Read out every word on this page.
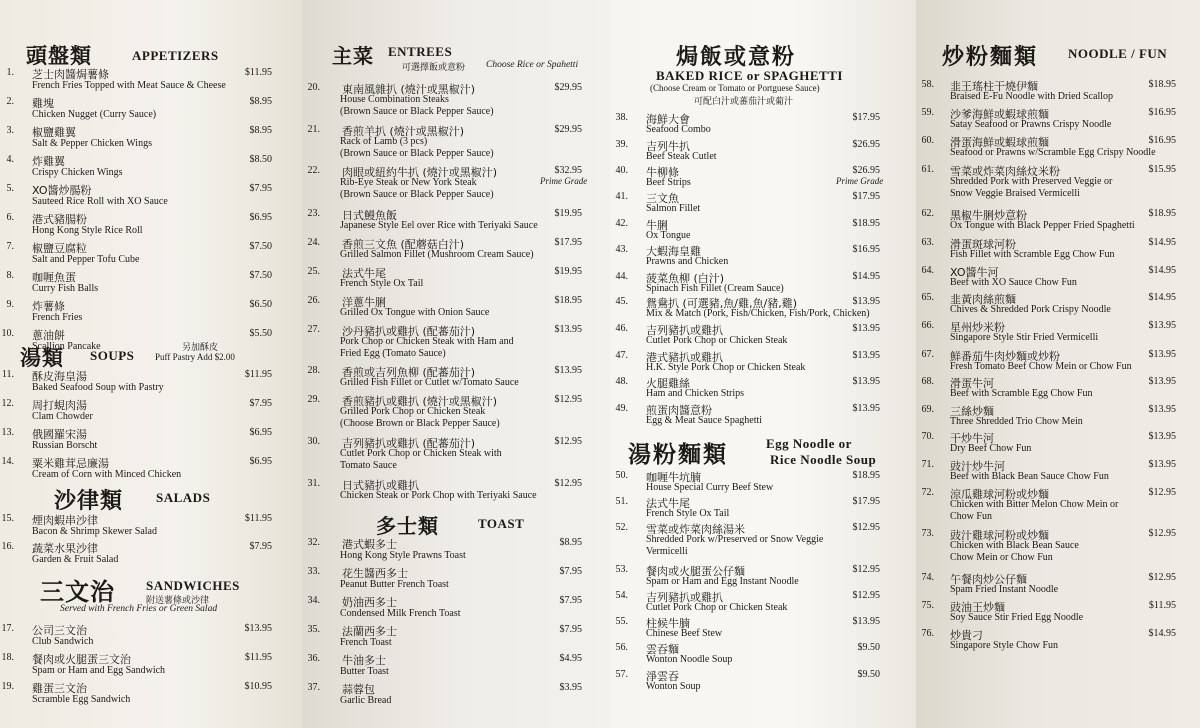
頭盤類	APPETIZERS
1. 芝士肉醬焗薯條	$11.95
French Fries Topped with Meat Sauce & Cheese
2. 雞塊	$8.95
Chicken Nugget (Curry Sauce)
3. 椒鹽雞翼	$8.95
Salt & Pepper Chicken Wings
4. 炸雞翼	$8.50
Crispy Chicken Wings
5. XO醬炒腸粉	$7.95
Sauteed Rice Roll with XO Sauce
6. 港式豬腸粉	$6.95
Hong Kong Style Rice Roll
7. 椒鹽豆腐粒	$7.50
Salt and Pepper Tofu Cube
8. 咖喱魚蛋	$7.50
Curry Fish Balls
9. 炸薯條	$6.50
French Fries
10. 蔥油餅	$5.50
Scallion Pancake
湯類 SOUPS	另加酥皮
Puff Pastry Add $2.00
11. 酥皮海皇湯	$11.95
Baked Seafood Soup with Pastry
12. 周打蜆肉湯	$7.95
Clam Chowder
13. 俄國羅宋湯	$6.95
Russian Borscht
14. 粟米雞茸忌廉湯	$6.95
Cream of Corn with Minced Chicken
沙律類	SALADS
15. 煙肉蝦串沙律	$11.95
Bacon & Shrimp Skewer Salad
16. 蔬菜水果沙律	$7.95
Garden & Fruit Salad
三文治 SANDWICHES
附送薯條或沙律
Served with French Fries or Green Salad
17. 公司三文治	$13.95
Club Sandwich
18. 餐肉或火腿蛋三文治	$11.95
Spam or Ham and Egg Sandwich
19. 雞蛋三文治	$10.95
Scramble Egg Sandwich
主菜 ENTREES
可選擇飯或意粉 Choose Rice or Spahetti
20. 東南風雜扒 (燒汁或黑椒汁)	$29.95
House Combination Steaks
(Brown Sauce or Black Pepper Sauce)
21. 香煎羊扒 (燒汁或黑椒汁)	$29.95
Rack of Lamb (3 pcs)
(Brown Sauce or Black Pepper Sauce)
22. 肉眼或紐約牛扒 (燒汁或黑椒汁)	$32.95
Prime Grade
Rib-Eye Steak or New York Steak
(Brown Sauce or Black Pepper Sauce)
23. 日式鰻魚飯	$19.95
Japanese Style Eel over Rice with Teriyaki Sauce
24. 香煎三文魚 (配蘑菇白汁)	$17.95
Grilled Salmon Fillet (Mushroom Cream Sauce)
25. 法式牛尾	$19.95
French Style Ox Tail
26. 洋蔥牛脷	$18.95
Grilled Ox Tongue with Onion Sauce
27. 沙丹豬扒或雞扒 (配蕃茄汁)	$13.95
Pork Chop or Chicken Steak with Ham and
Fried Egg (Tomato Sauce)
28. 香煎或吉列魚柳 (配蕃茄汁)	$13.95
Grilled Fish Fillet or Cutlet w/Tomato Sauce
29. 香煎豬扒或雞扒 (燒汁或黑椒汁)	$12.95
Grilled Pork Chop or Chicken Steak
(Choose Brown or Black Pepper Sauce)
30. 吉列豬扒或雞扒 (配蕃茄汁)	$12.95
Cutlet Pork Chop or Chicken Steak with
Tomato Sauce
31. 日式豬扒或雞扒	$12.95
Chicken Steak or Pork Chop with Teriyaki Sauce
多士類	TOAST
32. 港式蝦多士	$8.95
Hong Kong Style Prawns Toast
33. 花生醬西多士	$7.95
Peanut Butter French Toast
34. 奶油西多士	$7.95
Condensed Milk French Toast
35. 法蘭西多士	$7.95
French Toast
36. 牛油多士	$4.95
Butter Toast
37. 蒜蓉包	$3.95
Garlic Bread
焗飯或意粉
BAKED RICE or SPAGHETTI
(Choose Cream or Tomato or Portguese Sauce)
可配白汁或蕃茄汁或葡汁
38. 海鮮大會	$17.95
Seafood Combo
39. 吉列牛扒	$26.95
Beef Steak Cutlet
40. 牛柳條	$26.95
Prime Grade
Beef Strips
41. 三文魚	$17.95
Salmon Fillet
42. 牛脷	$18.95
Ox Tongue
43. 大蝦海皇雞	$16.95
Prawns and Chicken
44. 菠菜魚柳 (白汁)	$14.95
Spinach Fish Fillet (Cream Sauce)
45. 鴛鴦扒 (可選豬,魚/雞,魚/豬,雞)	$13.95
Mix & Match (Pork, Fish/Chicken, Fish/Pork, Chicken)
46. 吉列豬扒或雞扒	$13.95
Cutlet Pork Chop or Chicken Steak
47. 港式豬扒或雞扒	$13.95
H.K. Style Pork Chop or Chicken Steak
48. 火腿雞絲	$13.95
Ham and Chicken Strips
49. 煎蛋肉醬意粉	$13.95
Egg & Meat Sauce Spaghetti
湯粉麵類	Egg Noodle or
Rice Noodle Soup
50. 咖喱牛坑腩	$18.95
House Special Curry Beef Stew
51. 法式牛尾	$17.95
French Style Ox Tail
52. 雪菜或炸菜肉絲湯米	$12.95
Shredded Pork w/Preserved or Snow Veggie
Vermicelli
53. 餐肉或火腿蛋公仔麵	$12.95
Spam or Ham and Egg Instant Noodle
54. 吉列豬扒或雞扒	$12.95
Cutlet Pork Chop or Chicken Steak
55. 柱候牛腩	$13.95
Chinese Beef Stew
56. 雲吞麵	$9.50
Wonton Noodle Soup
57. 淨雲吞	$9.50
Wonton Soup
炒粉麵類 NOODLE / FUN
58. 韭王瑤柱干燒伊麵	$18.95
Braised E-Fu Noodle with Dried Scallop
59. 沙爹海鮮或蝦球煎麵	$16.95
Satay Seafood or Prawns Crispy Noodle
60. 滑蛋海鮮或蝦球煎麵	$16.95
Seafood or Prawns w/Scramble Egg Crispy Noodle
61. 雪菜或炸菜肉絲炆米粉	$15.95
Shredded Pork with Preserved Veggie or
Snow Veggie Braised Vermicelli
62. 黑椒牛脷炒意粉	$18.95
Ox Tongue with Black Pepper Fried Spaghetti
63. 滑蛋斑球河粉	$14.95
Fish Fillet with Scramble Egg Chow Fun
64. XO醬牛河	$14.95
Beef with XO Sauce Chow Fun
65. 韭黃肉絲煎麵	$14.95
Chives & Shredded Pork Crispy Noodle
66. 星州炒米粉	$13.95
Singapore Style Stir Fried Vermicelli
67. 鮮番茄牛肉炒麵或炒粉	$13.95
Fresh Tomato Beef Chow Mein or Chow Fun
68. 滑蛋牛河	$13.95
Beef with Scramble Egg Chow Fun
69. 三絲炒麵	$13.95
Three Shredded Trio Chow Mein
70. 干炒牛河	$13.95
Dry Beef Chow Fun
71. 豉汁炒牛河	$13.95
Beef with Black Bean Sauce Chow Fun
72. 涼瓜雞球河粉或炒麵	$12.95
Chicken with Bitter Melon Chow Mein or
Chow Fun
73. 豉汁雞球河粉或炒麵	$12.95
Chicken with Black Bean Sauce
Chow Mein or Chow Fun
74. 午餐肉炒公仔麵	$12.95
Spam Fried Instant Noodle
75. 豉油王炒麵	$11.95
Soy Sauce Stir Fried Egg Noodle
76. 炒貴刁	$14.95
Singapore Style Chow Fun
